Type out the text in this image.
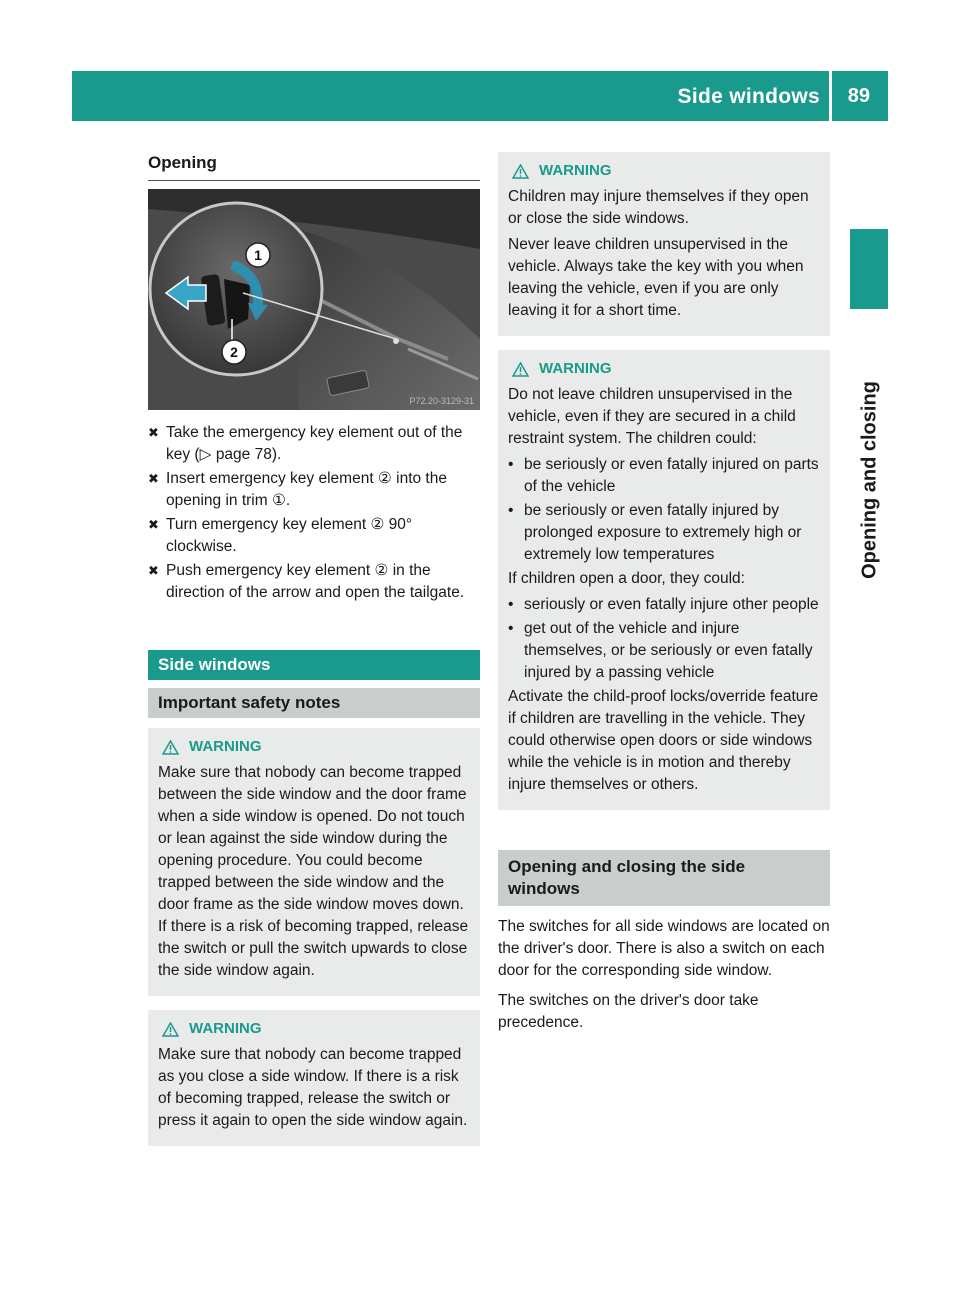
Side windows 89
Opening and closing
Opening
1
2
P72.20-3129-31
✖ Take the emergency key element out of the key (▷ page 78).
✖ Insert emergency key element ② into the opening in trim ①.
✖ Turn emergency key element ② 90° clockwise.
✖ Push emergency key element ② in the direction of the arrow and open the tailgate.
Side windows
Important safety notes
WARNING

Make sure that nobody can become trapped between the side window and the door frame when a side window is opened. Do not touch or lean against the side window during the opening procedure. You could become trapped between the side window and the door frame as the side window moves down. If there is a risk of becoming trapped, release the switch or pull the switch upwards to close the side window again.

WARNING

Make sure that nobody can become trapped as you close a side window. If there is a risk of becoming trapped, release the switch or press it again to open the side window again.

WARNING

Children may injure themselves if they open or close the side windows.

Never leave children unsupervised in the vehicle. Always take the key with you when leaving the vehicle, even if you are only leaving it for a short time.

WARNING

Do not leave children unsupervised in the vehicle, even if they are secured in a child restraint system. The children could:

• be seriously or even fatally injured on parts of the vehicle
• be seriously or even fatally injured by prolonged exposure to extremely high or extremely low temperatures

If children open a door, they could:

• seriously or even fatally injure other people
• get out of the vehicle and injure themselves, or be seriously or even fatally injured by a passing vehicle

Activate the child-proof locks/override feature if children are travelling in the vehicle. They could otherwise open doors or side windows while the vehicle is in motion and thereby injure themselves or others.

Opening and closing the side windows

The switches for all side windows are located on the driver's door. There is also a switch on each door for the corresponding side window.

The switches on the driver's door take precedence.
